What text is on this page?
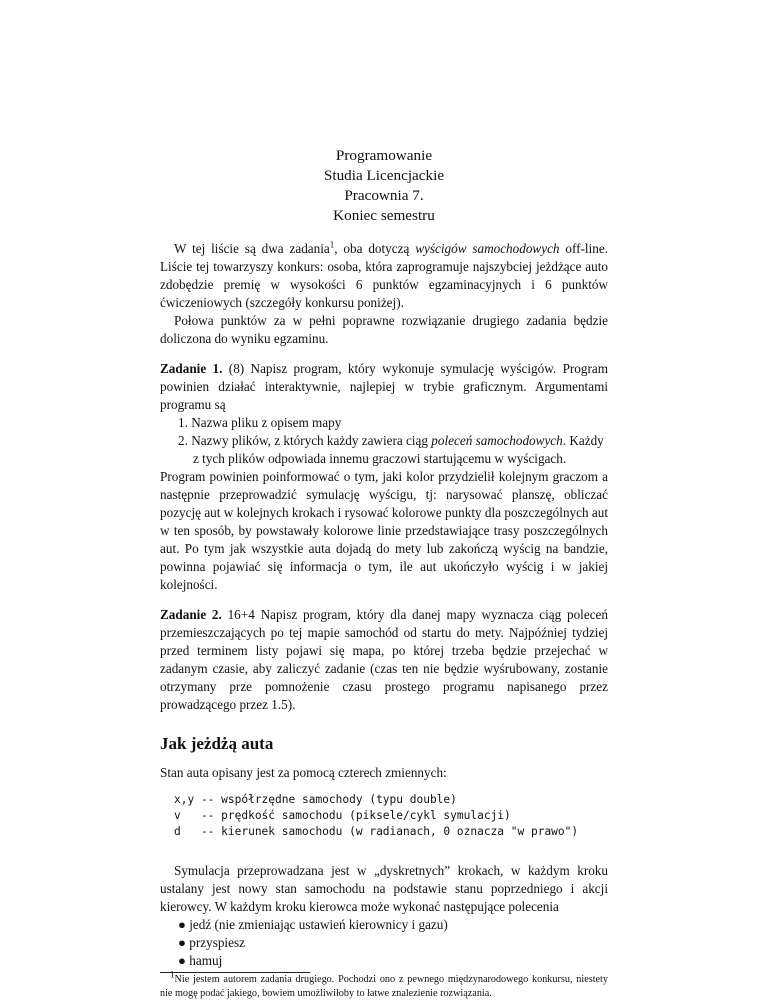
Programowanie
Studia Licencjackie
Pracownia 7.
Koniec semestru

W tej liście są dwa zadania$^1$, oba dotyczą wyścigów samochodowych off-line. Liście tej towarzyszy konkurs: osoba, która zaprogramuje najszybciej jeżdżące auto zdobędzie premię w wysokości 6 punktów egzaminacyjnych i 6 punktów ćwiczeniowych (szczegóły konkursu poniżej).

Połowa punktów za w pełni poprawne rozwiązanie drugiego zadania będzie doliczona do wyniku egzaminu.

Zadanie 1. (8) Napisz program, który wykonuje symulację wyścigów. Program powinien działać interaktywnie, najlepiej w trybie graficznym. Argumentami programu są

1. Nazwa pliku z opisem mapy
2. Nazwy plików, z których każdy zawiera ciąg poleceń samochodowych. Każdy z tych plików odpowiada innemu graczowi startującemu w wyścigach.

Program powinien poinformować o tym, jaki kolor przydzielił kolejnym graczom a następnie przeprowadzić symulację wyścigu, tj: narysować planszę, obliczać pozycję aut w kolejnych krokach i rysować kolorowe punkty dla poszczególnych aut w ten sposób, by powstawały kolorowe linie przedstawiające trasy poszczególnych aut. Po tym jak wszystkie auta dojadą do mety lub zakończą wyścig na bandzie, powinna pojawiać się informacja o tym, ile aut ukończyło wyścig i w jakiej kolejności.

Zadanie 2. 16+4 Napisz program, który dla danej mapy wyznacza ciąg poleceń przemieszczających po tej mapie samochód od startu do mety. Najpóźniej tydziej przed terminem listy pojawi się mapa, po której trzeba będzie przejechać w zadanym czasie, aby zaliczyć zadanie (czas ten nie będzie wyśrubowany, zostanie otrzymany prze pomnożenie czasu prostego programu napisanego przez prowadzącego przez 1.5).

Jak jeżdżą auta

Stan auta opisany jest za pomocą czterech zmiennych:

x,y -- współrzędne samochody (typu double)
v   -- prędkość samochodu (piksele/cykl symulacji)
d   -- kierunek samochodu (w radianach, 0 oznacza "w prawo")

Symulacja przeprowadzana jest w „dyskretnych” krokach, w każdym kroku ustalany jest nowy stan samochodu na podstawie stanu poprzedniego i akcji kierowcy. W każdym kroku kierowca może wykonać następujące polecenia

● jedź (nie zmieniając ustawień kierownicy i gazu)
● przyspiesz
● hamuj

$^1$Nie jestem autorem zadania drugiego. Pochodzi ono z pewnego międzynarodowego konkursu, niestety nie mogę podać jakiego, bowiem umożliwiłoby to łatwe znalezienie rozwiązania.
